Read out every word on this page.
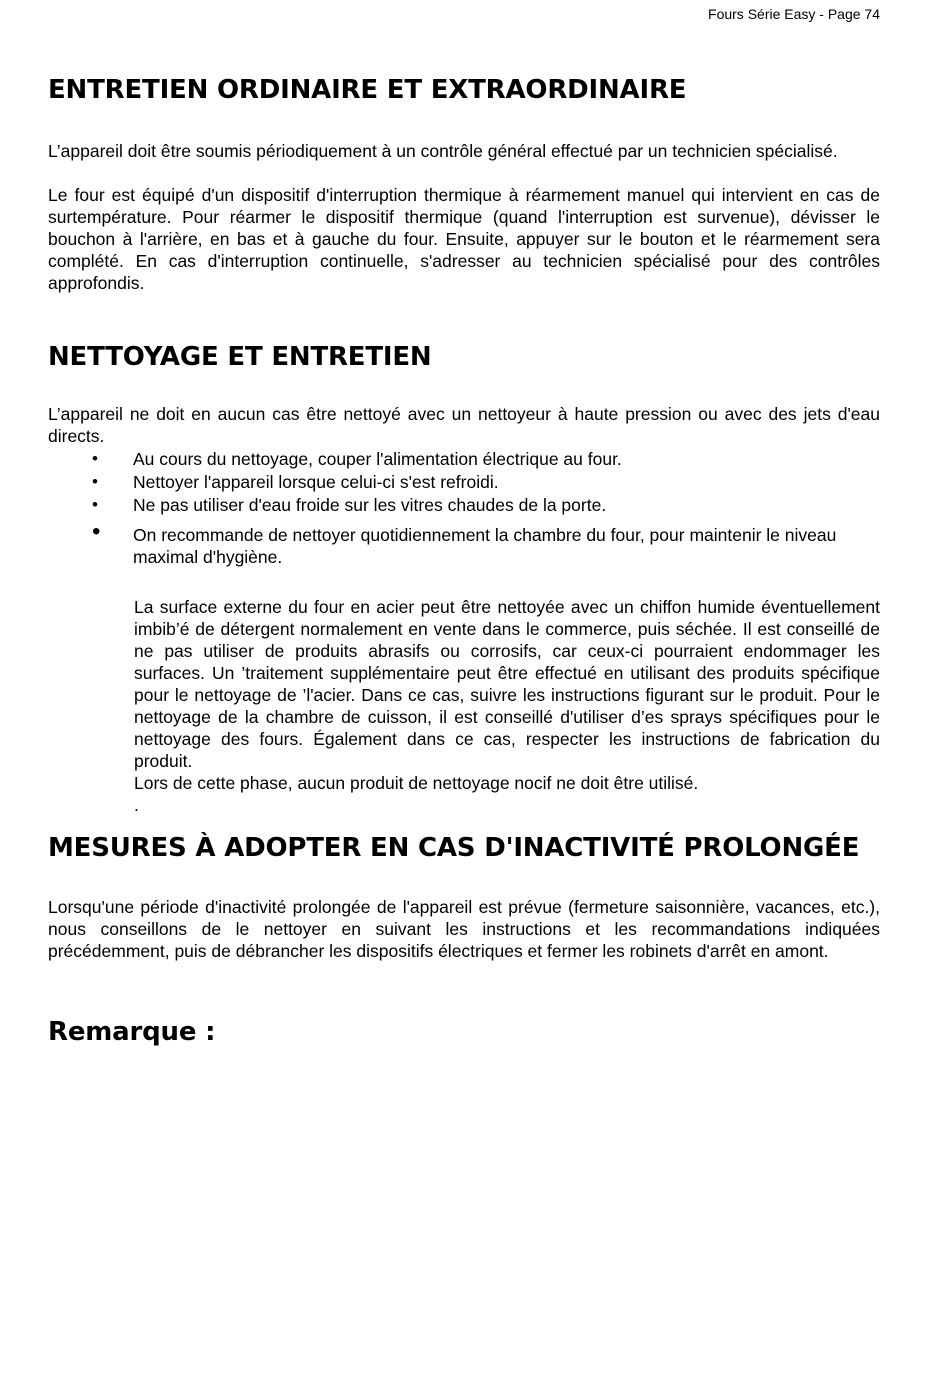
Fours Série Easy - Page 74
ENTRETIEN ORDINAIRE ET EXTRAORDINAIRE

L’appareil doit être soumis périodiquement à un contrôle général effectué par un technicien spécialisé.

Le four est équipé d'un dispositif d'interruption thermique à réarmement manuel qui intervient en cas de surtempérature. Pour réarmer le dispositif thermique (quand l'interruption est survenue), dévisser le bouchon à l'arrière, en bas et à gauche du four. Ensuite, appuyer sur le bouton et le réarmement sera complété. En cas d'interruption continuelle, s'adresser au technicien spécialisé pour des contrôles approfondis.

NETTOYAGE ET ENTRETIEN

L’appareil ne doit en aucun cas être nettoyé avec un nettoyeur à haute pression ou avec des jets d'eau directs.

•	Au cours du nettoyage, couper l'alimentation électrique au four.
•	Nettoyer l'appareil lorsque celui-ci s'est refroidi.
•	Ne pas utiliser d'eau froide sur les vitres chaudes de la porte.
• On recommande de nettoyer quotidiennement la chambre du four, pour maintenir le niveau maximal d'hygiène.

La surface externe du four en acier peut être nettoyée avec un chiffon humide éventuellement imbib’é de détergent normalement en vente dans le commerce, puis séchée. Il est conseillé de ne pas utiliser de produits abrasifs ou corrosifs, car ceux-ci pourraient endommager les surfaces. Un ’traitement supplémentaire peut être effectué en utilisant des produits spécifique pour le nettoyage de ’l'acier. Dans ce cas, suivre les instructions figurant sur le produit. Pour le nettoyage de la chambre de cuisson, il est conseillé d'utiliser d’es sprays spécifiques pour le nettoyage des fours. Également dans ce cas, respecter les instructions de fabrication du produit.

Lors de cette phase, aucun produit de nettoyage nocif ne doit être utilisé.

.

MESURES À ADOPTER EN CAS D'INACTIVITÉ PROLONGÉE

Lorsqu'une période d'inactivité prolongée de l'appareil est prévue (fermeture saisonnière, vacances, etc.), nous conseillons de le nettoyer en suivant les instructions et les recommandations indiquées précédemment, puis de débrancher les dispositifs électriques et fermer les robinets d'arrêt en amont.

Remarque :
